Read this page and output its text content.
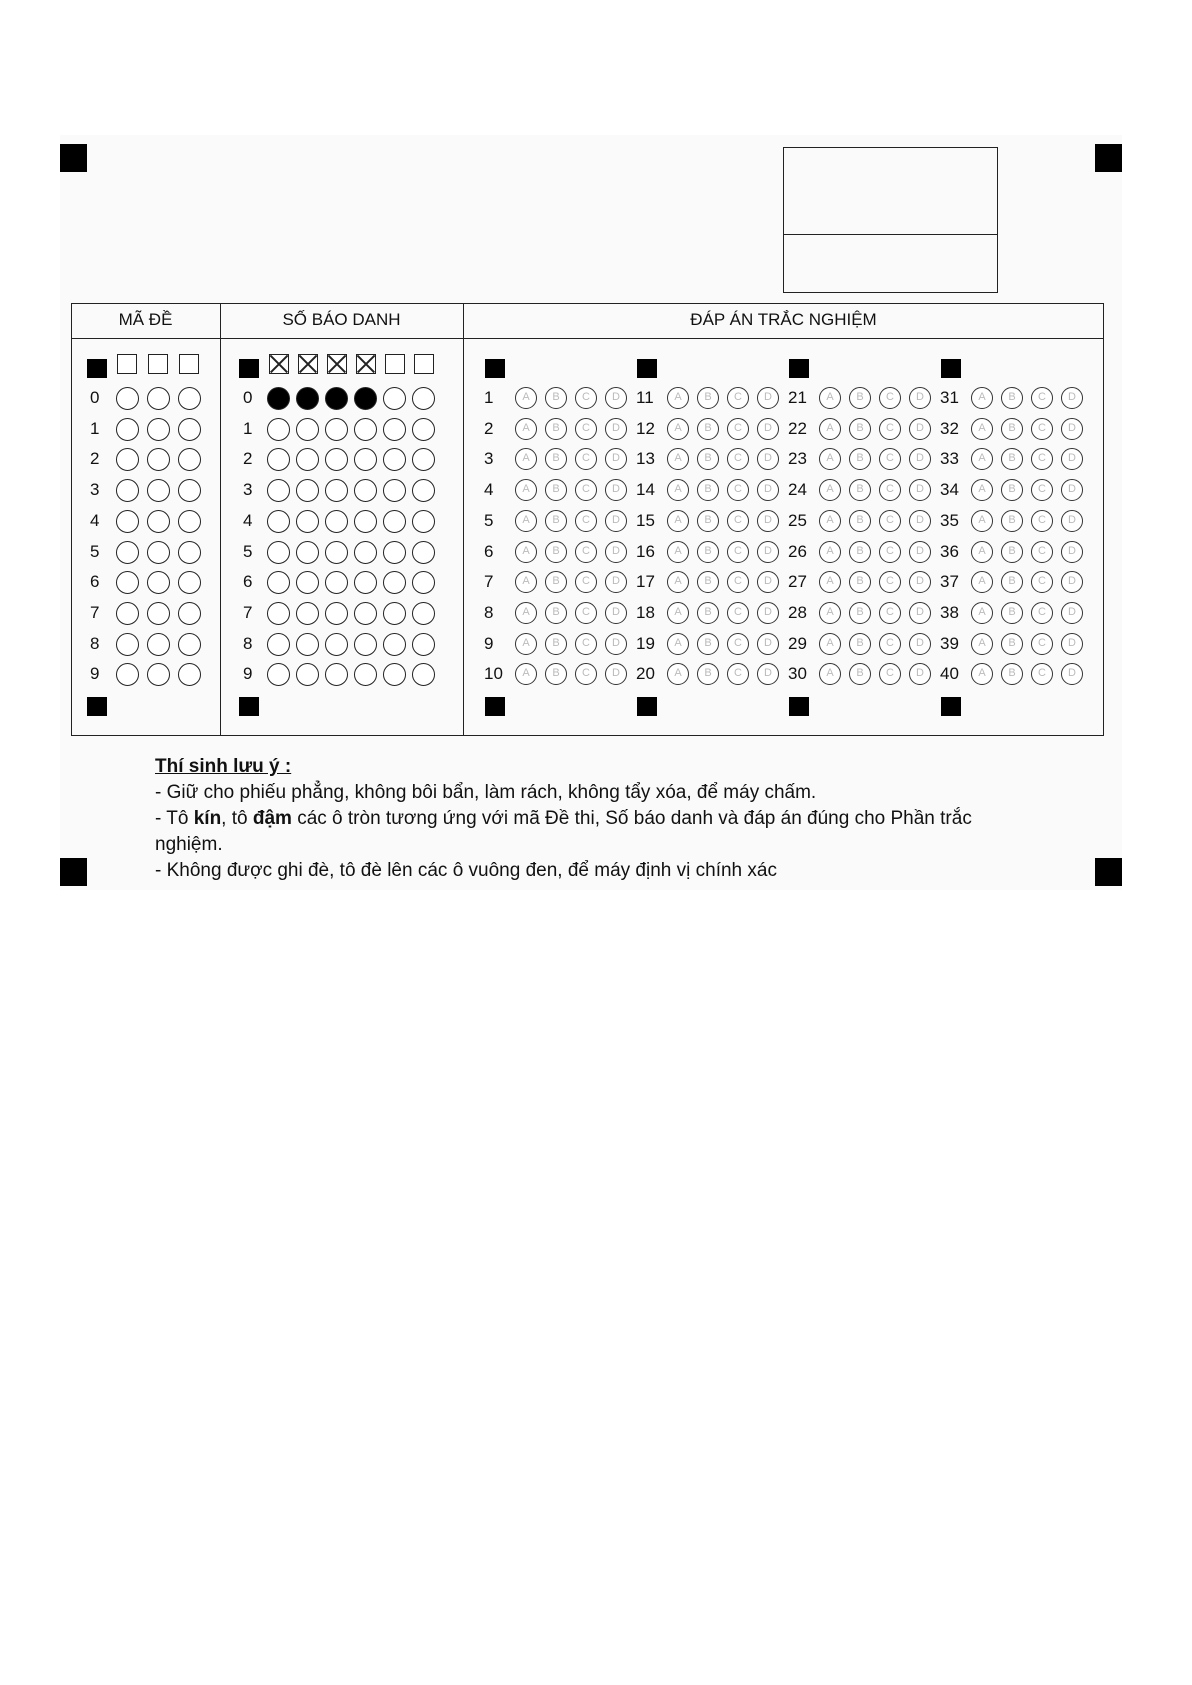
MÃ ĐỀ	SỐ BÁO DANH	ĐÁP ÁN TRẮC NGHIỆM
0
1
2
3
4
5
6
7
8
9
0
1
2
3
4
5
6
7
8
9
1	A	B	C	D
2	A	B	C	D
3	A	B	C	D
4	A	B	C	D
5	A	B	C	D
6	A	B	C	D
7	A	B	C	D
8	A	B	C	D
9	A	B	C	D
10	A	B	C	D
11	A	B	C	D
12	A	B	C	D
13	A	B	C	D
14	A	B	C	D
15	A	B	C	D
16	A	B	C	D
17	A	B	C	D
18	A	B	C	D
19	A	B	C	D
20	A	B	C	D
21	A	B	C	D
22	A	B	C	D
23	A	B	C	D
24	A	B	C	D
25	A	B	C	D
26	A	B	C	D
27	A	B	C	D
28	A	B	C	D
29	A	B	C	D
30	A	B	C	D
31	A	B	C	D
32	A	B	C	D
33	A	B	C	D
34	A	B	C	D
35	A	B	C	D
36	A	B	C	D
37	A	B	C	D
38	A	B	C	D
39	A	B	C	D
40	A	B	C	D

Thí sinh lưu ý :

- Giữ cho phiếu phẳng, không bôi bẩn, làm rách, không tẩy xóa, để máy chấm.

- Tô kín, tô đậm các ô tròn tương ứng với mã Đề thi, Số báo danh và đáp án đúng cho Phần trắc nghiệm.

- Không được ghi đè, tô đè lên các ô vuông đen, để máy định vị chính xác
